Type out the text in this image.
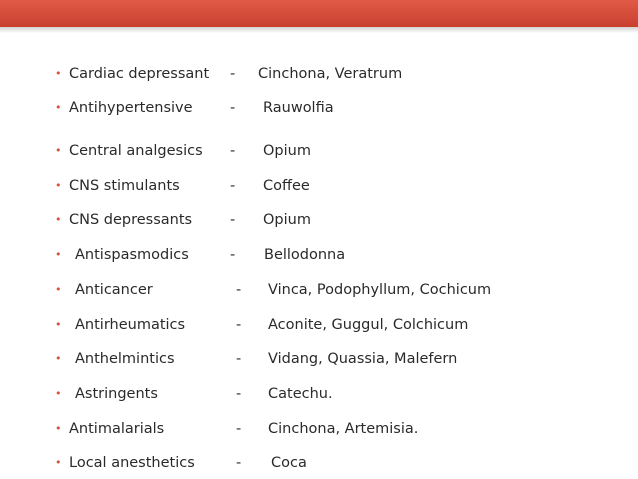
• Cardiac depressant - Cinchona, Veratrum
• Antihypertensive	- Rauwolfia
• Central analgesics - Opium
• CNS stimulants	- Coffee
• CNS depressants	- Opium
• Antispasmodics	- Bellodonna
• Anticancer	- Vinca, Podophyllum, Cochicum
• Antirheumatics	- Aconite, Guggul, Colchicum
• Anthelmintics	- Vidang, Quassia, Malefern
• Astringents	- Catechu.
• Antimalarials	- Cinchona, Artemisia.
• Local anesthetics	- Coca
